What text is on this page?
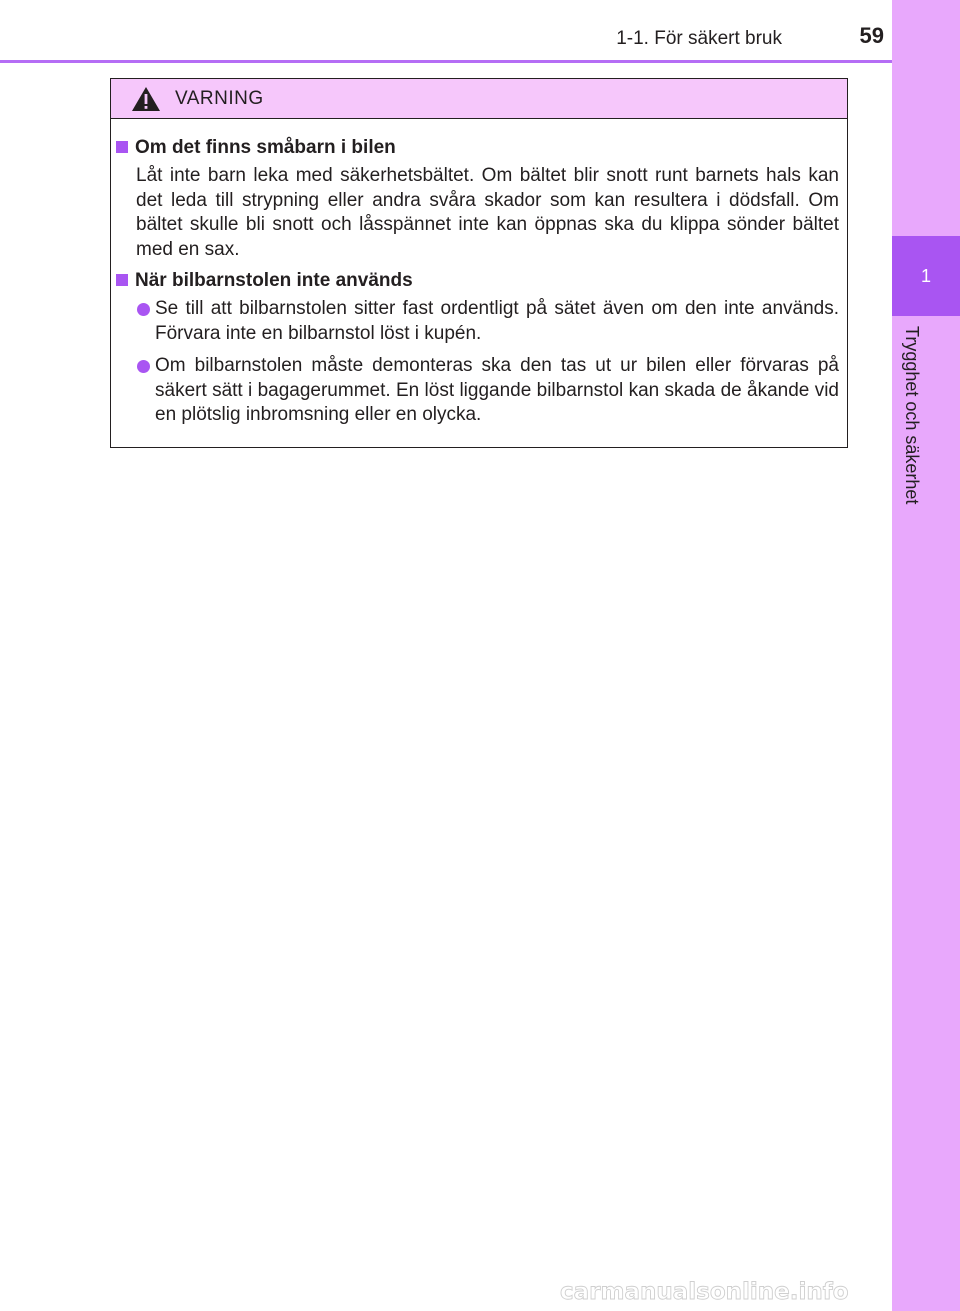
1
Trygghet och säkerhet
1-1. För säkert bruk	59
VARNING
Om det finns småbarn i bilen
Låt inte barn leka med säkerhetsbältet. Om bältet blir snott runt barnets hals kan det leda till strypning eller andra svåra skador som kan resultera i dödsfall. Om bältet skulle bli snott och låsspännet inte kan öppnas ska du klippa sönder bältet med en sax.
När bilbarnstolen inte används
Se till att bilbarnstolen sitter fast ordentligt på sätet även om den inte används. Förvara inte en bilbarnstol löst i kupén.
Om bilbarnstolen måste demonteras ska den tas ut ur bilen eller förvaras på säkert sätt i bagagerummet. En löst liggande bilbarnstol kan skada de åkande vid en plötslig inbromsning eller en olycka.
carmanualsonline.info
